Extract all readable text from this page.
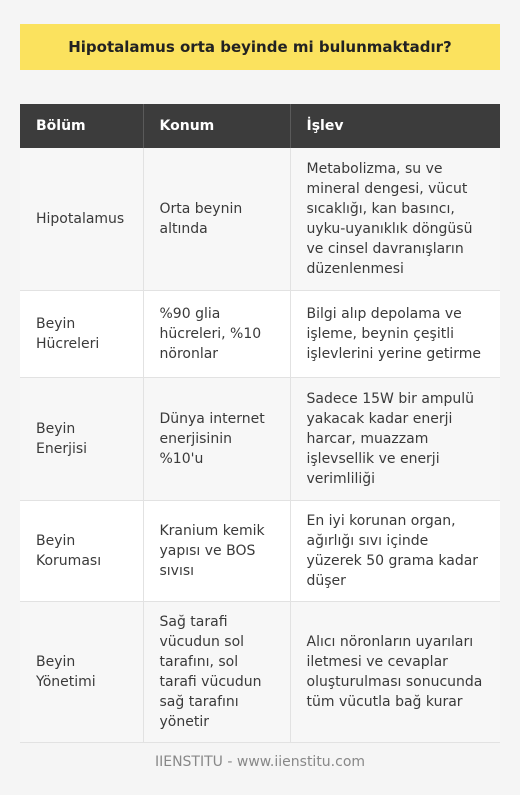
Hipotalamus orta beyinde mi bulunmaktadır?
Bölüm	Konum	İşlev
Hipotalamus	Orta beynin altında	Metabolizma, su ve mineral dengesi, vücut sıcaklığı, kan basıncı, uyku-uyanıklık döngüsü ve cinsel davranışların düzenlenmesi
Beyin Hücreleri	%90 glia hücreleri, %10 nöronlar	Bilgi alıp depolama ve işleme, beynin çeşitli işlevlerini yerine getirme
Beyin Enerjisi	Dünya internet enerjisinin %10'u	Sadece 15W bir ampulü yakacak kadar enerji harcar, muazzam işlevsellik ve enerji verimliliği
Beyin Koruması	Kranium kemik yapısı ve BOS sıvısı	En iyi korunan organ, ağırlığı sıvı içinde yüzerek 50 grama kadar düşer
Beyin Yönetimi	Sağ tarafi vücudun sol tarafını, sol tarafi vücudun sağ tarafını yönetir	Alıcı nöronların uyarıları iletmesi ve cevaplar oluşturulması sonucunda tüm vücutla bağ kurar
IIENSTITU - www.iienstitu.com
